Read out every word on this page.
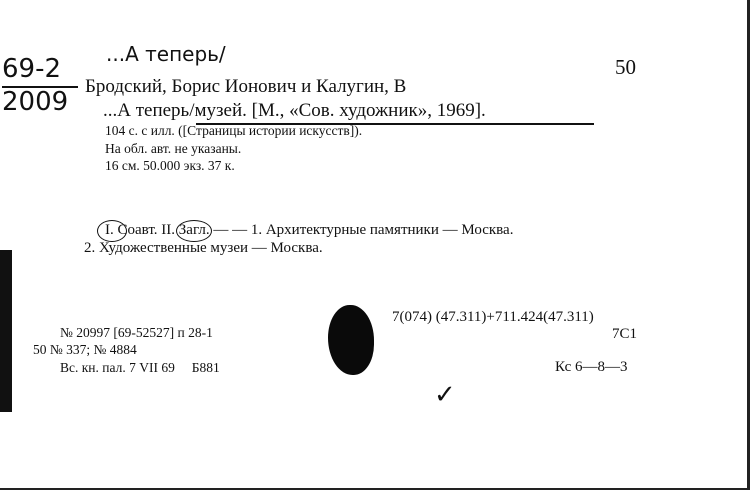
...А теперь/
69-2
2009
50
Бродский, Борис Ионович и Калугин, В
...А теперь/музей. [М., «Сов. художник», 1969].
104 с. с илл. ([Страницы истории искусств]).
На обл. авт. не указаны.
16 см. 50.000 экз. 37 к.
I. Соавт. II. Загл. — — 1. Архитектурные памятники — Москва.
2. Художественные музеи — Москва.
7(074) (47.311)+711.424(47.311)
7С1
№ 20997 [69-52527] п 28-1
50 № 337; № 4884
Вс. кн. пал. 7 VII 69     Б881	Кс 6—8—3
✓
